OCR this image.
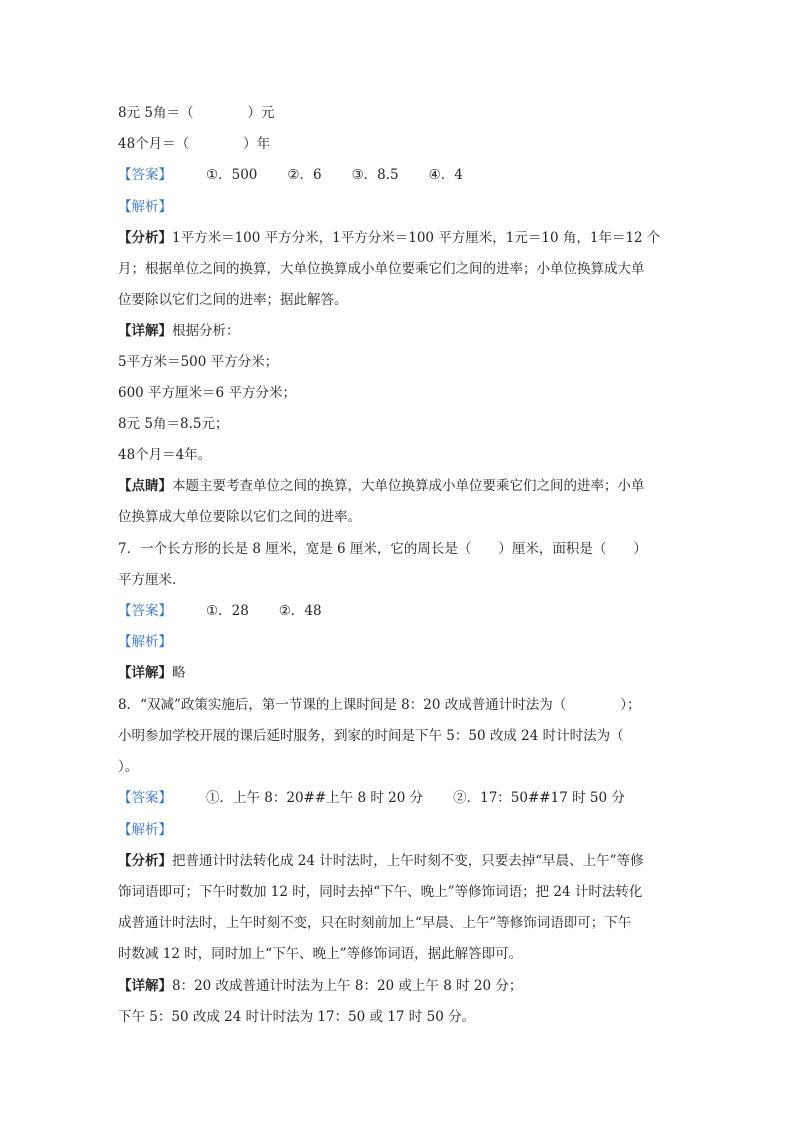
8元 5角＝（　　　　）元
48个月＝（　　　　）年
【答案】	①．500 ②．6 ③．8.5 ④．4
【解析】
【分析】1平方米＝100 平方分米，1平方分米＝100 平方厘米，1元＝10 角，1年＝12 个
月；根据单位之间的换算，大单位换算成小单位要乘它们之间的进率；小单位换算成大单
位要除以它们之间的进率；据此解答。
【详解】根据分析：
5平方米＝500 平方分米；
600 平方厘米＝6 平方分米；
8元 5角＝8.5元；
48个月＝4年。
【点睛】本题主要考查单位之间的换算，大单位换算成小单位要乘它们之间的进率；小单
位换算成大单位要除以它们之间的进率。
7．一个长方形的长是 8 厘米，宽是 6 厘米，它的周长是（　　）厘米，面积是（　　）
平方厘米．
【答案】	①．28 ②．48
【解析】
【详解】略
8．“双减”政策实施后，第一节课的上课时间是 8：20 改成普通计时法为（　　　　）；
小明参加学校开展的课后延时服务，到家的时间是下午 5：50 改成 24 时计时法为（
）。
【答案】	①．上午 8：20##上午 8 时 20 分 ②．17：50##17 时 50 分
【解析】
【分析】把普通计时法转化成 24 计时法时，上午时刻不变，只要去掉“早晨、上午”等修
饰词语即可；下午时数加 12 时，同时去掉“下午、晚上”等修饰词语；把 24 计时法转化
成普通计时法时，上午时刻不变，只在时刻前加上“早晨、上午”等修饰词语即可；下午
时数减 12 时，同时加上“下午、晚上”等修饰词语，据此解答即可。
【详解】8：20 改成普通计时法为上午 8：20 或上午 8 时 20 分；
下午 5：50 改成 24 时计时法为 17：50 或 17 时 50 分。
